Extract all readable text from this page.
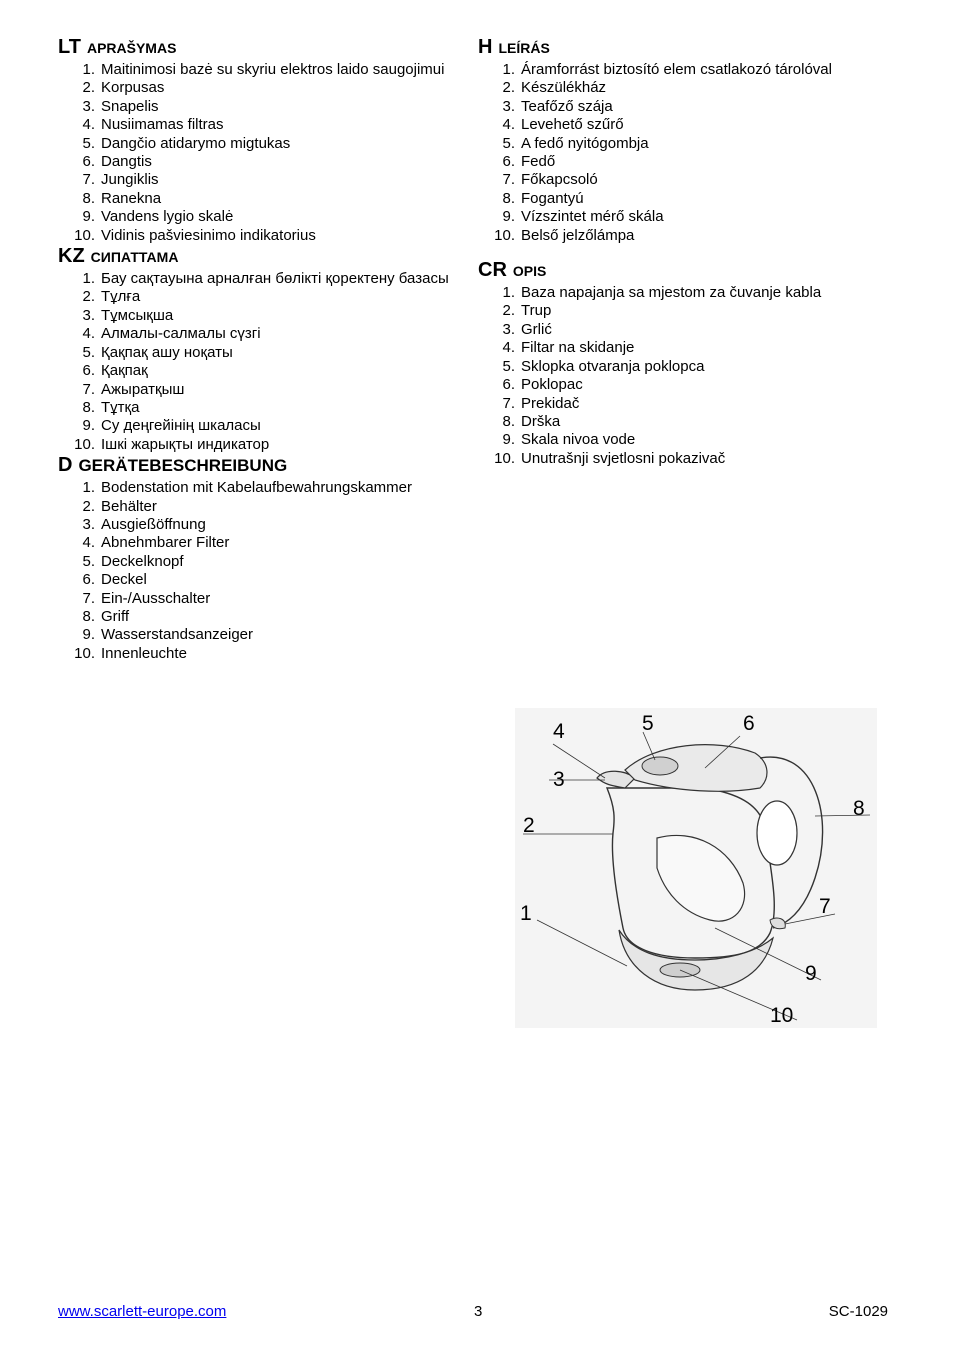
LT APRAŠYMAS
1. Maitinimosi bazė su skyriu elektros laido saugojimui
2. Korpusas
3. Snapelis
4. Nusiimamas filtras
5. Dangčio atidarymo migtukas
6. Dangtis
7. Jungiklis
8. Ranekna
9. Vandens lygio skalė
10. Vidinis pašviesinimo indikatorius
KZ СИПАТТАМА
1. Бау сақтауына арналған бөлікті қоректену базасы
2. Тұлға
3. Тұмсықша
4. Алмалы-салмалы сүзгі
5. Қақпақ ашу ноқаты
6. Қақпақ
7. Ажыратқыш
8. Тұтқа
9. Су деңгейінің шкаласы
10. Ішкі жарықты индикатор
D GERÄTEBESCHREIBUNG
1. Bodenstation mit Kabelaufbewahrungskammer
2. Behälter
3. Ausgießöffnung
4. Abnehmbarer Filter
5. Deckelknopf
6. Deckel
7. Ein-/Ausschalter
8. Griff
9. Wasserstandsanzeiger
10. Innenleuchte
H LEÍRÁS
1. Áramforrást biztosító elem csatlakozó tárolóval
2. Készülékház
3. Teafőző szája
4. Levehető szűrő
5. A fedő nyitógombja
6. Fedő
7. Főkapcsoló
8. Fogantyú
9. Vízszintet mérő skála
10. Belső jelzőlámpa
CR OPIS
1. Baza napajanja sa mjestom za čuvanje kabla
2. Trup
3. Grlić
4. Filtar na skidanje
5. Sklopka otvaranja poklopca
6. Poklopac
7. Prekidač
8. Drška
9. Skala nivoa vode
10. Unutrašnji svjetlosni pokazivač
1
2
3
4	5	6
8
7
9
10
www.scarlett-europe.com	3	SC-1029
